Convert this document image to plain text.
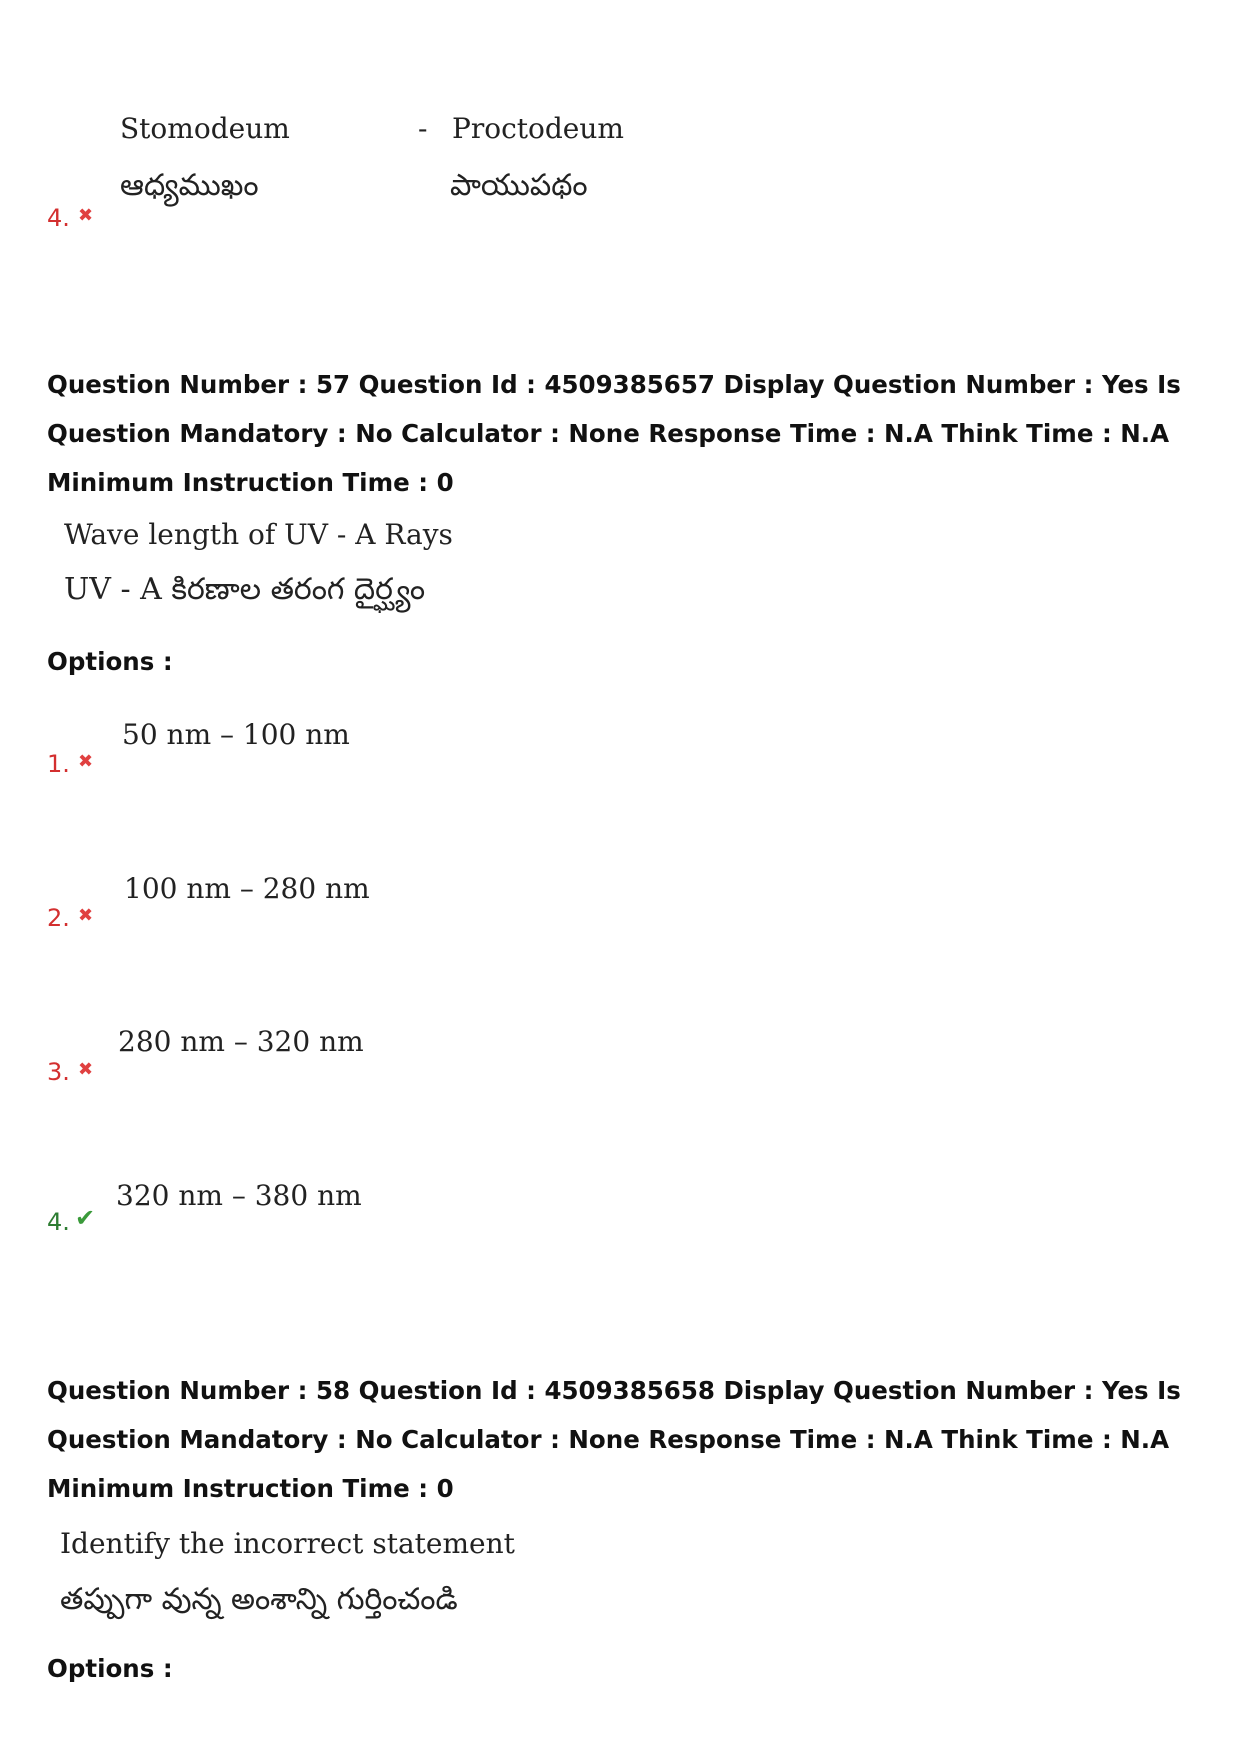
Stomodeum	- Proctodeum
ఆధ్యముఖం	పాయుపథం
4. ✖
Question Number : 57 Question Id : 4509385657 Display Question Number : Yes Is Question Mandatory : No Calculator : None Response Time : N.A Think Time : N.A Minimum Instruction Time : 0
Wave length of UV - A Rays
UV - A కిరణాల తరంగ దైర్ఘ్యం
Options :
50 nm – 100 nm
1. ✖
100 nm – 280 nm
2. ✖
280 nm – 320 nm
3. ✖
320 nm – 380 nm
4. ✔
Question Number : 58 Question Id : 4509385658 Display Question Number : Yes Is Question Mandatory : No Calculator : None Response Time : N.A Think Time : N.A Minimum Instruction Time : 0
Identify the incorrect statement
తప్పుగా వున్న అంశాన్ని గుర్తించండి
Options :
